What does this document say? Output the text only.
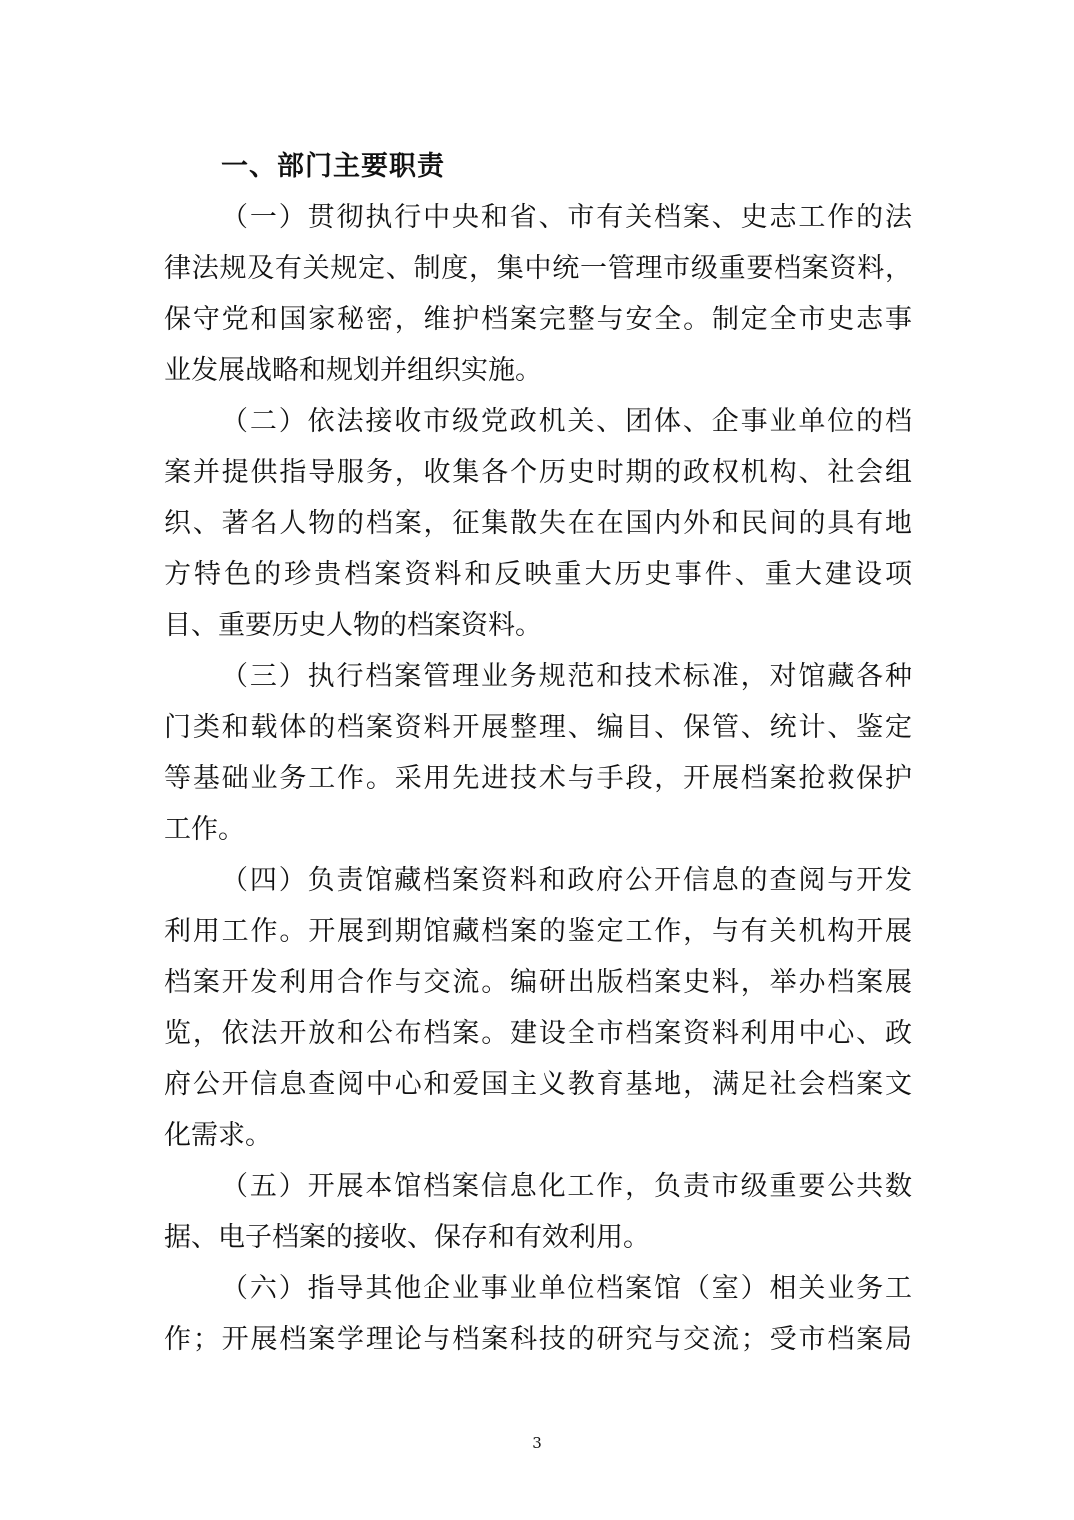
一、部门主要职责
（一）贯彻执行中央和省、市有关档案、史志工作的法
律法规及有关规定、制度，集中统一管理市级重要档案资料，
保守党和国家秘密，维护档案完整与安全。制定全市史志事
业发展战略和规划并组织实施。
（二）依法接收市级党政机关、团体、企事业单位的档
案并提供指导服务，收集各个历史时期的政权机构、社会组
织、著名人物的档案，征集散失在在国内外和民间的具有地
方特色的珍贵档案资料和反映重大历史事件、重大建设项
目、重要历史人物的档案资料。
（三）执行档案管理业务规范和技术标准，对馆藏各种
门类和载体的档案资料开展整理、编目、保管、统计、鉴定
等基础业务工作。采用先进技术与手段，开展档案抢救保护
工作。
（四）负责馆藏档案资料和政府公开信息的查阅与开发
利用工作。开展到期馆藏档案的鉴定工作，与有关机构开展
档案开发利用合作与交流。编研出版档案史料，举办档案展
览，依法开放和公布档案。建设全市档案资料利用中心、政
府公开信息查阅中心和爱国主义教育基地，满足社会档案文
化需求。
（五）开展本馆档案信息化工作，负责市级重要公共数
据、电子档案的接收、保存和有效利用。
（六）指导其他企业事业单位档案馆（室）相关业务工
作；开展档案学理论与档案科技的研究与交流；受市档案局
3
